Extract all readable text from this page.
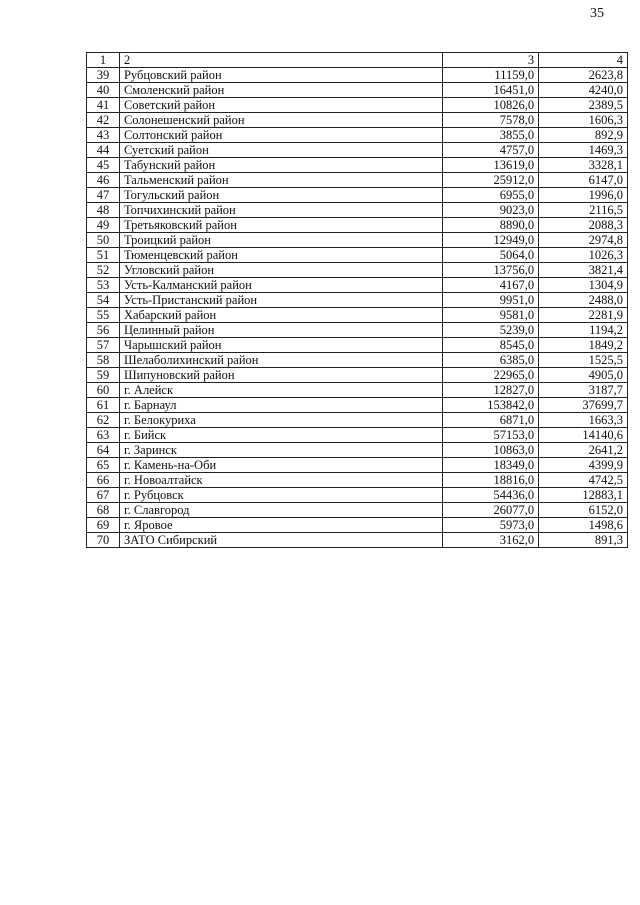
35
1	2	3	4
39	Рубцовский район	11159,0	2623,8
40	Смоленский район	16451,0	4240,0
41	Советский район	10826,0	2389,5
42	Солонешенский район	7578,0	1606,3
43	Солтонский район	3855,0	892,9
44	Суетский район	4757,0	1469,3
45	Табунский район	13619,0	3328,1
46	Тальменский район	25912,0	6147,0
47	Тогульский район	6955,0	1996,0
48	Топчихинский район	9023,0	2116,5
49	Третьяковский район	8890,0	2088,3
50	Троицкий район	12949,0	2974,8
51	Тюменцевский район	5064,0	1026,3
52	Угловский район	13756,0	3821,4
53	Усть-Калманский район	4167,0	1304,9
54	Усть-Пристанский район	9951,0	2488,0
55	Хабарский район	9581,0	2281,9
56	Целинный район	5239,0	1194,2
57	Чарышский район	8545,0	1849,2
58	Шелаболихинский район	6385,0	1525,5
59	Шипуновский район	22965,0	4905,0
60	г. Алейск	12827,0	3187,7
61	г. Барнаул	153842,0	37699,7
62	г. Белокуриха	6871,0	1663,3
63	г. Бийск	57153,0	14140,6
64	г. Заринск	10863,0	2641,2
65	г. Камень-на-Оби	18349,0	4399,9
66	г. Новоалтайск	18816,0	4742,5
67	г. Рубцовск	54436,0	12883,1
68	г. Славгород	26077,0	6152,0
69	г. Яровое	5973,0	1498,6
70	ЗАТО Сибирский	3162,0	891,3
